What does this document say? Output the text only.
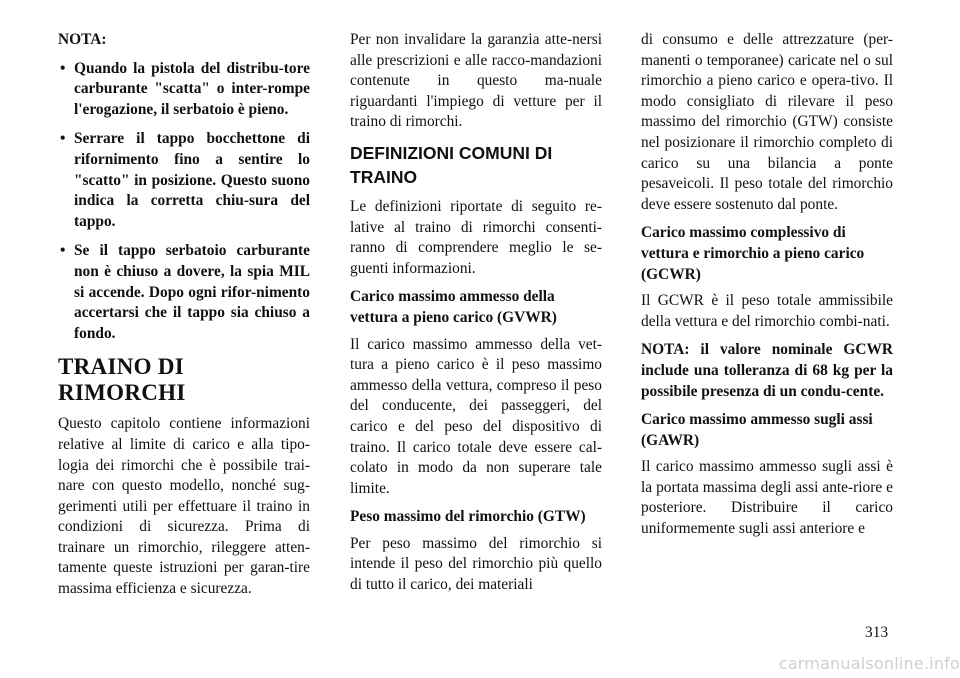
NOTA:

• Quando la pistola del distribu-tore carburante "scatta" o inter-rompe l'erogazione, il serbatoio è pieno.
• Serrare il tappo bocchettone di rifornimento fino a sentire lo "scatto" in posizione. Questo suono indica la corretta chiu-sura del tappo.
• Se il tappo serbatoio carburante non è chiuso a dovere, la spia MIL si accende. Dopo ogni rifor-nimento accertarsi che il tappo sia chiuso a fondo.
TRAINO DI RIMORCHI

Questo capitolo contiene informazioni relative al limite di carico e alla tipo-logia dei rimorchi che è possibile trai-nare con questo modello, nonché sug-gerimenti utili per effettuare il traino in condizioni di sicurezza. Prima di trainare un rimorchio, rileggere atten-tamente queste istruzioni per garan-tire massima efficienza e sicurezza.

Per non invalidare la garanzia atte-nersi alle prescrizioni e alle racco-mandazioni contenute in questo ma-nuale riguardanti l'impiego di vetture per il traino di rimorchi.

DEFINIZIONI COMUNI DI TRAINO

Le definizioni riportate di seguito re-lative al traino di rimorchi consenti-ranno di comprendere meglio le se-guenti informazioni.

Carico massimo ammesso della vettura a pieno carico (GVWR)

Il carico massimo ammesso della vet-tura a pieno carico è il peso massimo ammesso della vettura, compreso il peso del conducente, dei passeggeri, del carico e del peso del dispositivo di traino. Il carico totale deve essere cal-colato in modo da non superare tale limite.

Peso massimo del rimorchio (GTW)

Per peso massimo del rimorchio si intende il peso del rimorchio più quello di tutto il carico, dei materiali

di consumo e delle attrezzature (per-manenti o temporanee) caricate nel o sul rimorchio a pieno carico e opera-tivo. Il modo consigliato di rilevare il peso massimo del rimorchio (GTW) consiste nel posizionare il rimorchio completo di carico su una bilancia a ponte pesaveicoli. Il peso totale del rimorchio deve essere sostenuto dal ponte.

Carico massimo complessivo di vettura e rimorchio a pieno carico (GCWR)

Il GCWR è il peso totale ammissibile della vettura e del rimorchio combi-nati.

NOTA: il valore nominale GCWR include una tolleranza di 68 kg per la possibile presenza di un condu-cente.

Carico massimo ammesso sugli assi (GAWR)

Il carico massimo ammesso sugli assi è la portata massima degli assi ante-riore e posteriore. Distribuire il carico uniformemente sugli assi anteriore e

313
carmanualsonline.info
